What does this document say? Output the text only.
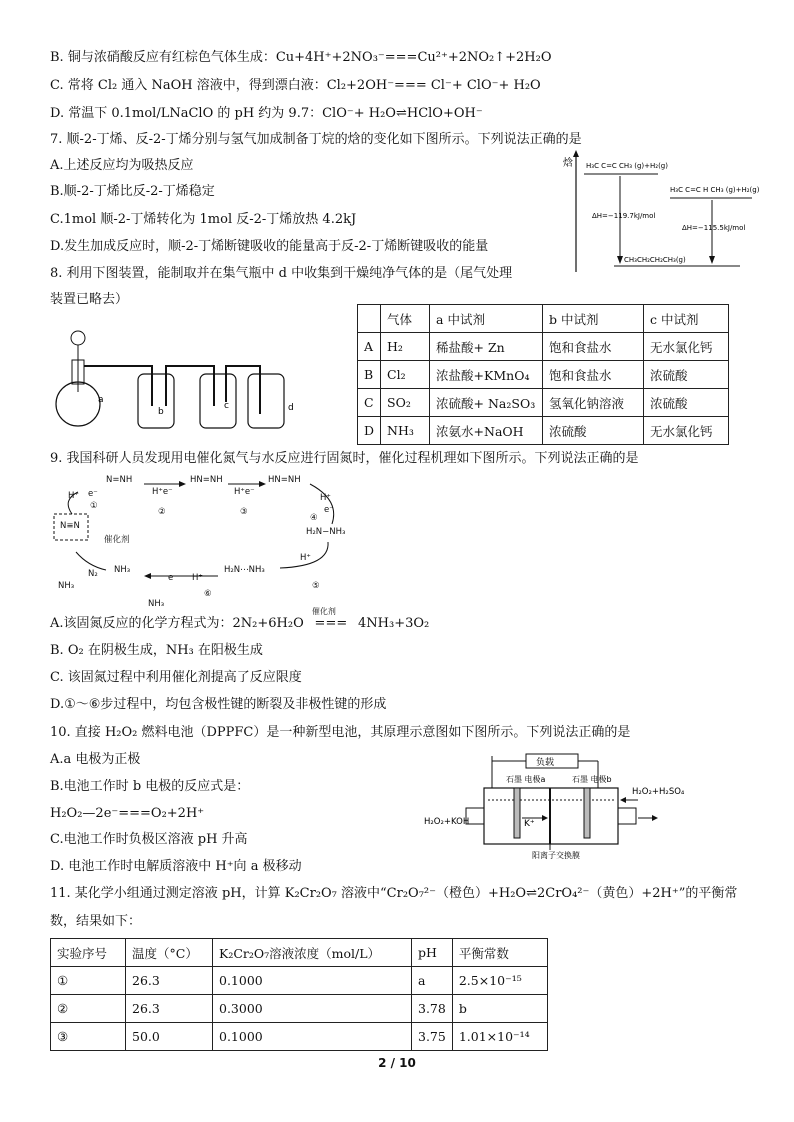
B. 铜与浓硝酸反应有红棕色气体生成：Cu+4H⁺+2NO₃⁻===Cu²⁺+2NO₂↑+2H₂O
C. 常将 Cl₂ 通入 NaOH 溶液中，得到漂白液：Cl₂+2OH⁻=== Cl⁻+ ClO⁻+ H₂O
D. 常温下 0.1mol/LNaClO 的 pH 约为 9.7：ClO⁻+ H₂O⇌HClO+OH⁻
7. 顺-2-丁烯、反-2-丁烯分别与氢气加成制备丁烷的焓的变化如下图所示。下列说法正确的是
A.上述反应均为吸热反应
B.顺-2-丁烯比反-2-丁烯稳定
C.1mol 顺-2-丁烯转化为 1mol 反-2-丁烯放热 4.2kJ
D.发生加成反应时，顺-2-丁烯断键吸收的能量高于反-2-丁烯断键吸收的能量
8. 利用下图装置，能制取并在集气瓶中 d 中收集到干燥纯净气体的是（尾气处理
装置已略去）
焓 H₃C C=C CH₃ (g)+H₂(g)
H₃C C=C H CH₃ (g)+H₂(g)
ΔH=−119.7kJ/mol
ΔH=−115.5kJ/mol
CH₃CH₂CH₂CH₃(g)
a
b
c	d
	气体	a 中试剂	b 中试剂	c 中试剂
A	H₂	稀盐酸+ Zn	饱和食盐水	无水氯化钙
B	Cl₂	浓盐酸+KMnO₄	饱和食盐水	浓硫酸
C	SO₂	浓硫酸+ Na₂SO₃	氢氧化钠溶液	浓硫酸
D	NH₃	浓氨水+NaOH	浓硫酸	无水氯化钙
9. 我国科研人员发现用电催化氮气与水反应进行固氮时，催化过程机理如下图所示。下列说法正确的是
N=NH	HN=NH	HN=NH
H₂N−NH₃
H₂N⋯NH₃
NH₃
N≡N
催化剂
H⁺ e⁻	H⁺e⁻	H⁺e⁻
H⁺
e⁻
H⁺
e⁻ H⁺
N₂
NH₃
NH₃
①
②	③
④
⑤
⑥
A.该固氮反应的化学方程式为：2N₂+6H₂O
催化剂
=== 4NH₃+3O₂
B. O₂ 在阴极生成，NH₃ 在阳极生成
C. 该固氮过程中利用催化剂提高了反应限度
D.①～⑥步过程中，均包含极性键的断裂及非极性键的形成
10. 直接 H₂O₂ 燃料电池（DPPFC）是一种新型电池，其原理示意图如下图所示。下列说法正确的是
A.a 电极为正极
B.电池工作时 b 电极的反应式是：
H₂O₂—2e⁻===O₂+2H⁺
C.电池工作时负极区溶液 pH 升高
D. 电池工作时电解质溶液中 H⁺向 a 极移动
负载
石墨 电极a	石墨 电极b
K⁺
H₂O₂+KOH
H₂O₂+H₂SO₄
阳离子交换膜
11. 某化学小组通过测定溶液 pH，计算 K₂Cr₂O₇ 溶液中“Cr₂O₇²⁻（橙色）+H₂O⇌2CrO₄²⁻（黄色）+2H⁺”的平衡常
数，结果如下：
实验序号	温度（°C）	K₂Cr₂O₇溶液浓度（mol/L）	pH	平衡常数
①	26.3	0.1000	a	2.5×10⁻¹⁵
②	26.3	0.3000	3.78	b
③	50.0	0.1000	3.75	1.01×10⁻¹⁴
2 / 10
